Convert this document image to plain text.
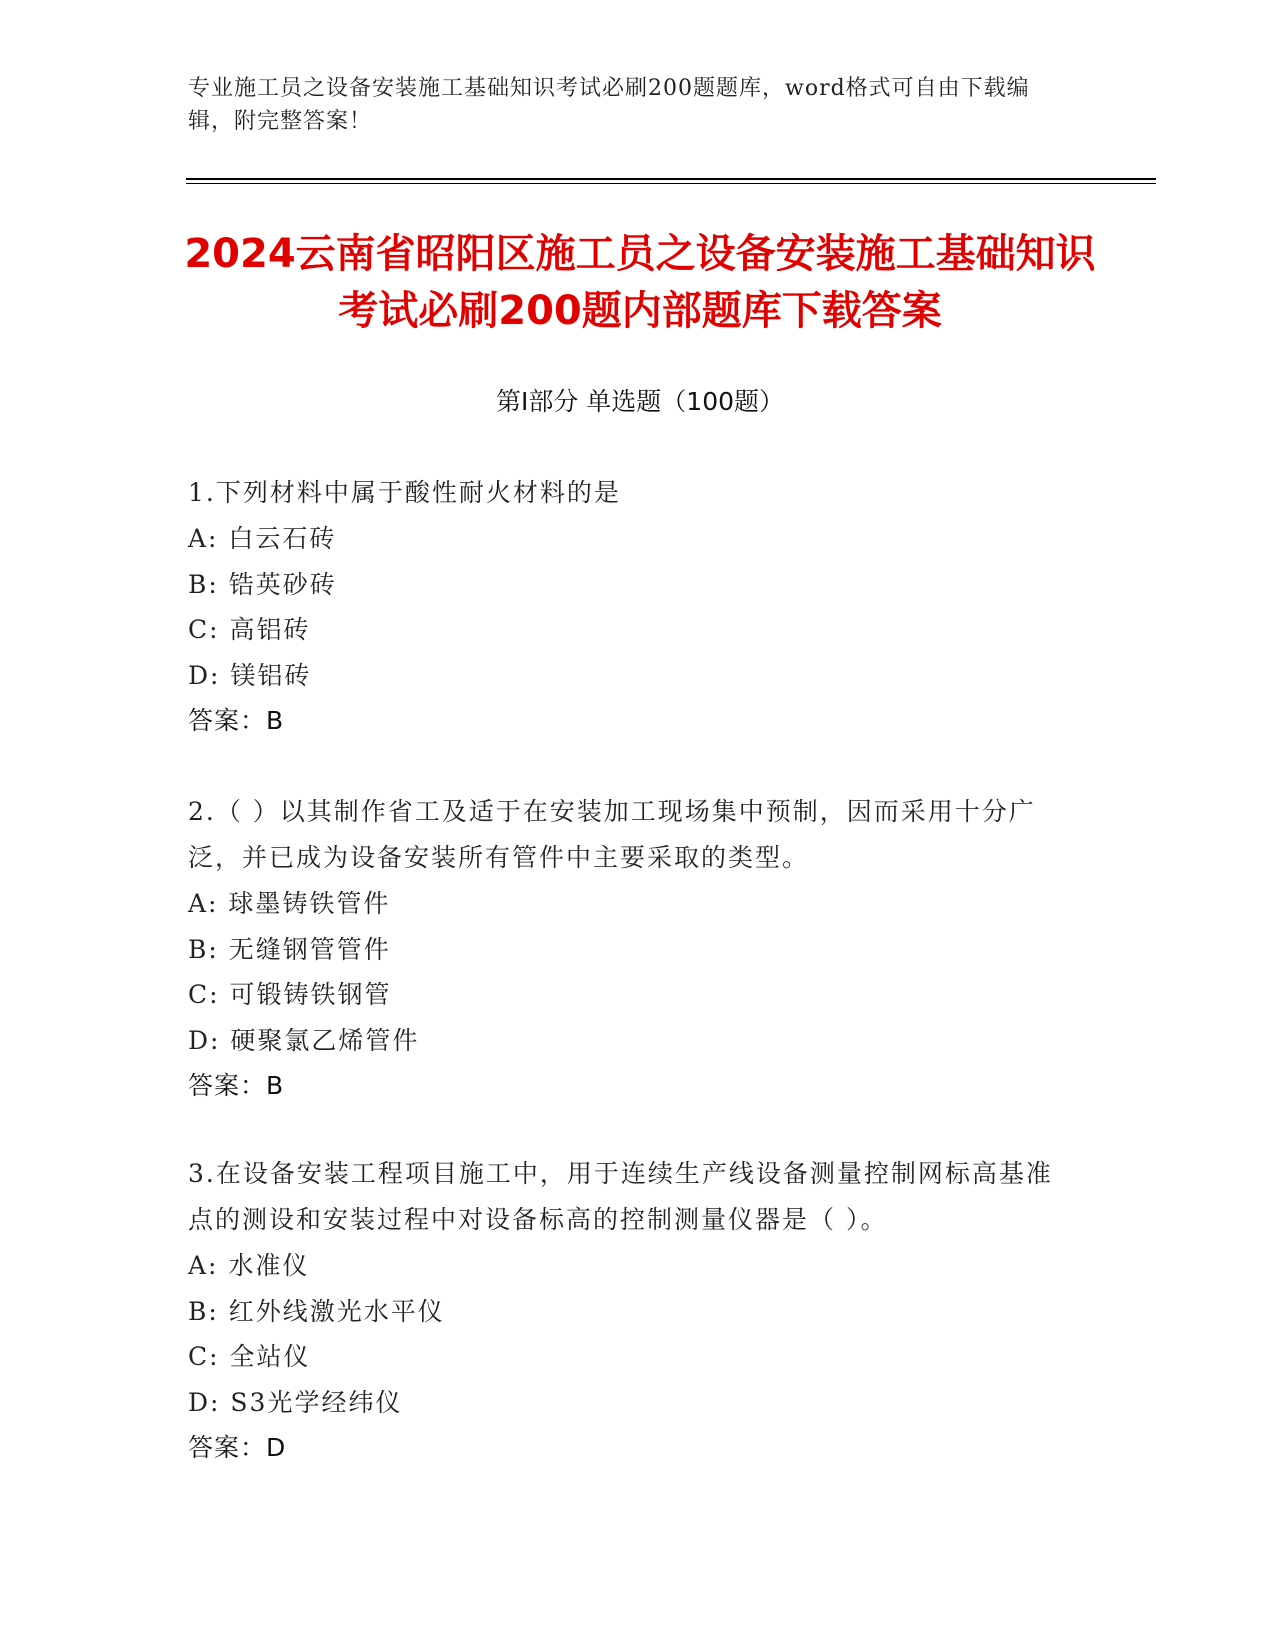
专业施工员之设备安装施工基础知识考试必刷200题题库，word格式可自由下载编辑，附完整答案！
2024云南省昭阳区施工员之设备安装施工基础知识考试必刷200题内部题库下载答案
第I部分 单选题（100题）
1.下列材料中属于酸性耐火材料的是
A: 白云石砖
B: 锆英砂砖
C: 高铝砖
D: 镁铝砖
答案：B
2.（ ）以其制作省工及适于在安装加工现场集中预制，因而采用十分广泛，并已成为设备安装所有管件中主要采取的类型。
A: 球墨铸铁管件
B: 无缝钢管管件
C: 可锻铸铁钢管
D: 硬聚氯乙烯管件
答案：B
3.在设备安装工程项目施工中，用于连续生产线设备测量控制网标高基准点的测设和安装过程中对设备标高的控制测量仪器是（ ）。
A: 水准仪
B: 红外线激光水平仪
C: 全站仪
D: S3光学经纬仪
答案：D
